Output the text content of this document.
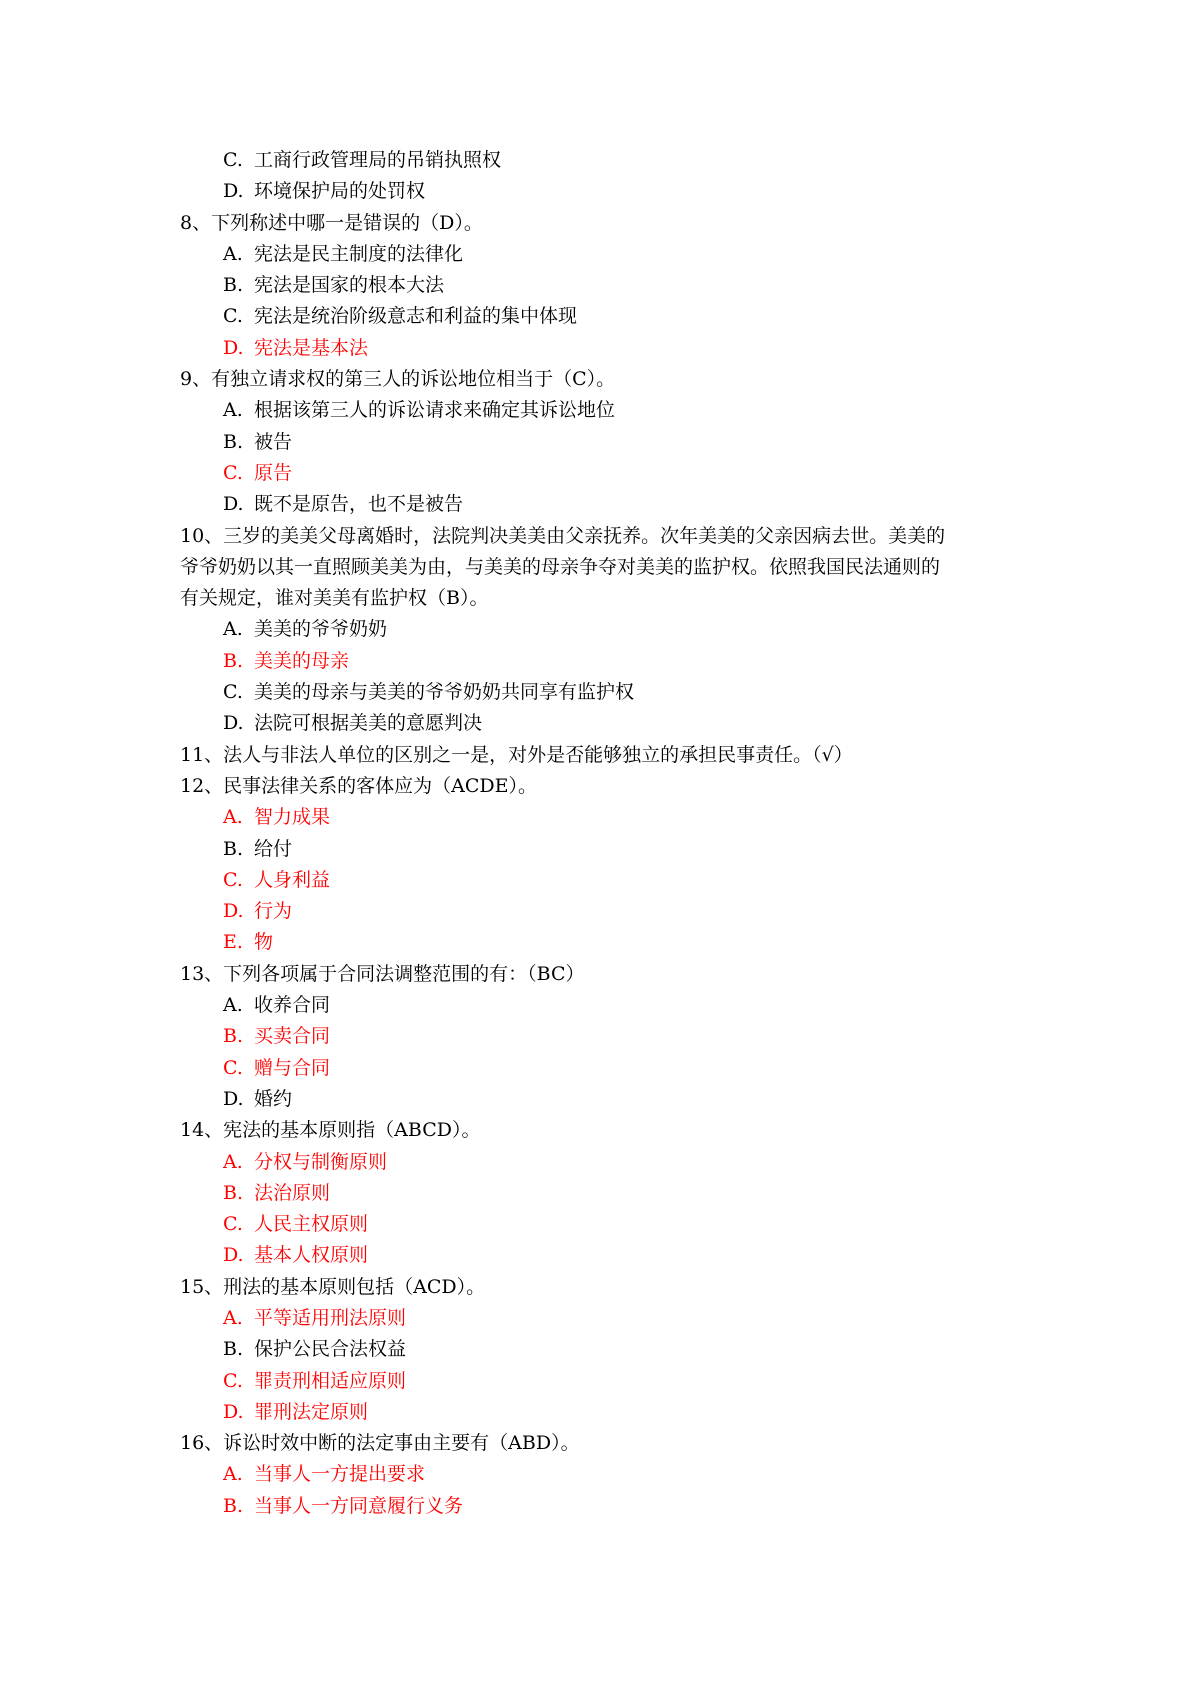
C. 工商行政管理局的吊销执照权
D. 环境保护局的处罚权
8、下列称述中哪一是错误的（D）。
A. 宪法是民主制度的法律化
B. 宪法是国家的根本大法
C. 宪法是统治阶级意志和利益的集中体现
D. 宪法是基本法
9、有独立请求权的第三人的诉讼地位相当于（C）。
A. 根据该第三人的诉讼请求来确定其诉讼地位
B. 被告
C. 原告
D. 既不是原告，也不是被告
10、三岁的美美父母离婚时，法院判决美美由父亲抚养。次年美美的父亲因病去世。美美的
爷爷奶奶以其一直照顾美美为由，与美美的母亲争夺对美美的监护权。依照我国民法通则的
有关规定，谁对美美有监护权（B）。
A. 美美的爷爷奶奶
B. 美美的母亲
C. 美美的母亲与美美的爷爷奶奶共同享有监护权
D. 法院可根据美美的意愿判决
11、法人与非法人单位的区别之一是，对外是否能够独立的承担民事责任。（√）
12、民事法律关系的客体应为（ACDE）。
A. 智力成果
B. 给付
C. 人身利益
D. 行为
E. 物
13、下列各项属于合同法调整范围的有：（BC）
A. 收养合同
B. 买卖合同
C. 赠与合同
D. 婚约
14、宪法的基本原则指（ABCD）。
A. 分权与制衡原则
B. 法治原则
C. 人民主权原则
D. 基本人权原则
15、刑法的基本原则包括（ACD）。
A. 平等适用刑法原则
B. 保护公民合法权益
C. 罪责刑相适应原则
D. 罪刑法定原则
16、诉讼时效中断的法定事由主要有（ABD）。
A. 当事人一方提出要求
B. 当事人一方同意履行义务
